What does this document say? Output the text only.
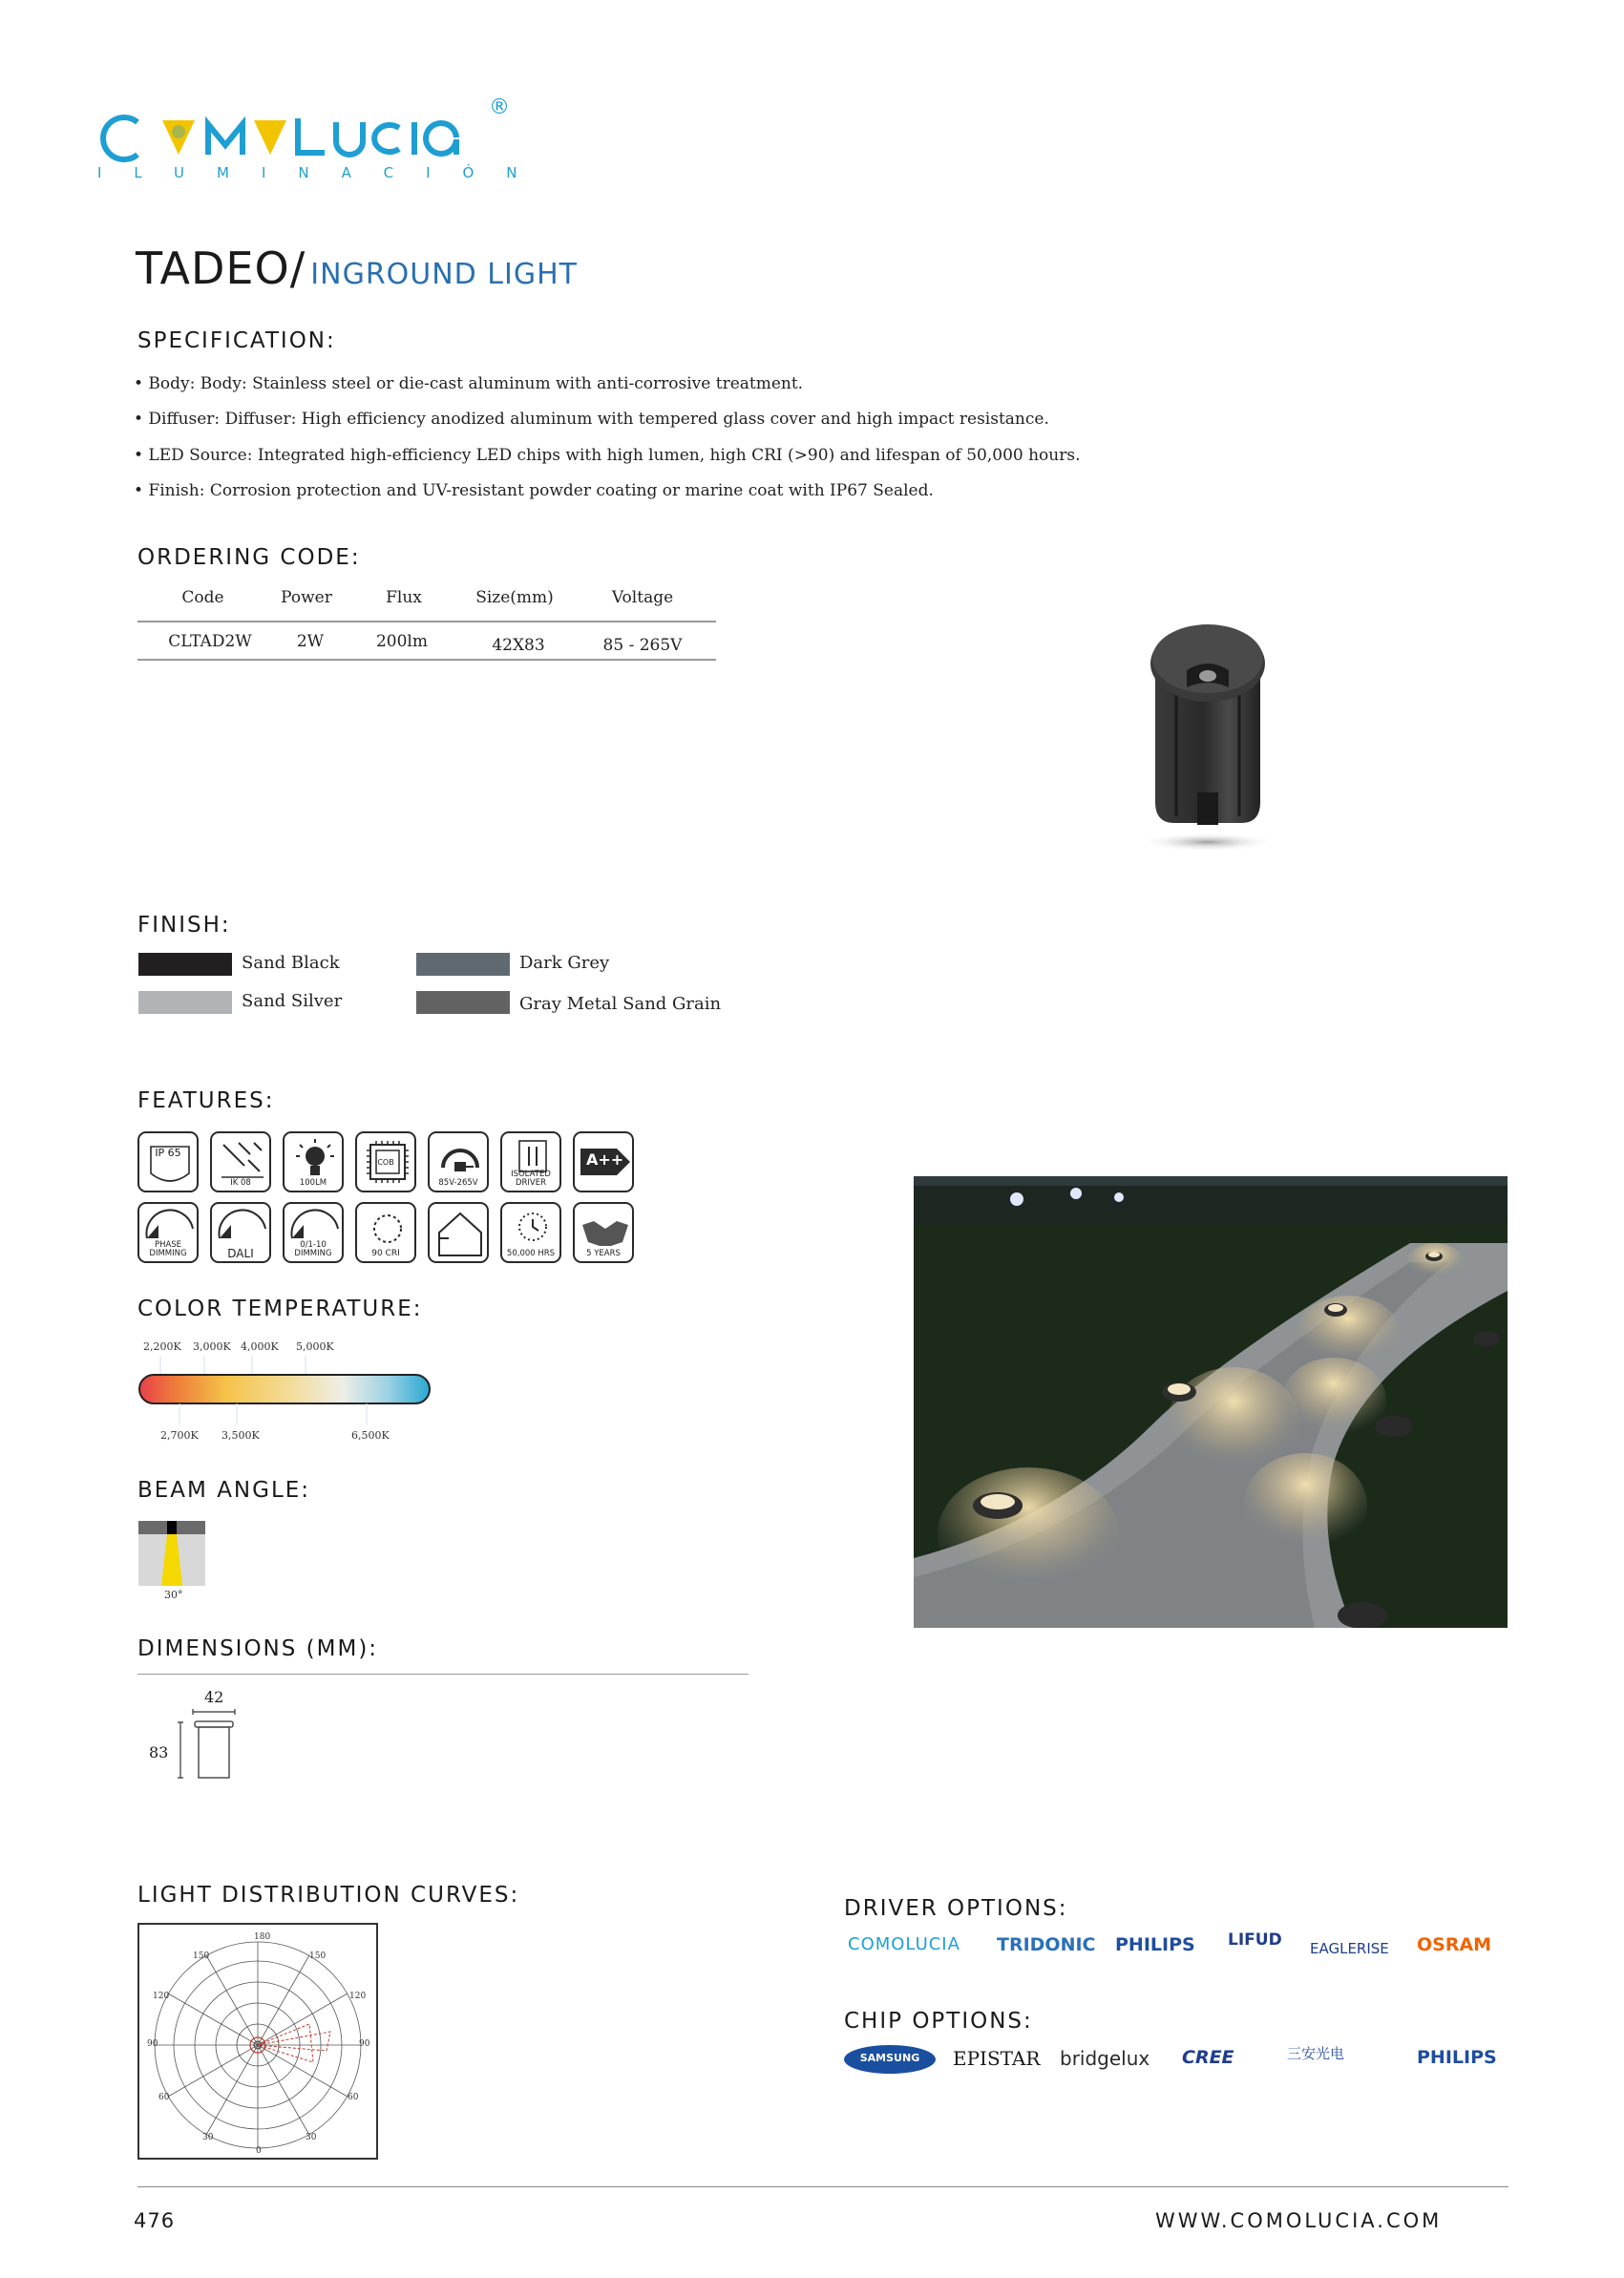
®
ILUMINACIÓN
TADEO/ INGROUND LIGHT
SPECIFICATION:
• Body: Body: Stainless steel or die-cast aluminum with anti-corrosive treatment.
• Diffuser: Diffuser: High efficiency anodized aluminum with tempered glass cover and high impact resistance.
• LED Source: Integrated high-efficiency LED chips with high lumen, high CRI (>90) and lifespan of 50,000 hours.
• Finish: Corrosion protection and UV-resistant powder coating or marine coat with IP67 Sealed.
ORDERING CODE:
Code	Power	Flux	Size(mm)	Voltage
CLTAD2W	2W	200lm	42X83	85 - 265V
FINISH:
Sand Black	Dark Grey
Sand Silver	Gray Metal Sand Grain
FEATURES:
IP 65
IK 08	100LM
COB
85V-265V
ISOLATED DRIVER
A++
PHASE DIMMING	DALI
0/1-10 DIMMING	90 CRI	50,000 HRS	5 YEARS
COLOR TEMPERATURE:
2,200K 3,000K 4,000K 5,000K
2,700K 3,500K	6,500K
BEAM ANGLE:
30°
DIMENSIONS (MM):
42
83
LIGHT DISTRIBUTION CURVES:
180
150	150
120	120
90	90
60	60
30	30
0
DRIVER OPTIONS:
COMOLUCIA TRIDONIC PHILIPS LIFUD EAGLERISE OSRAM
CHIP OPTIONS:
SAMSUNG	EPISTAR bridgelux CREE	三安光电	PHILIPS
476	WWW.COMOLUCIA.COM
